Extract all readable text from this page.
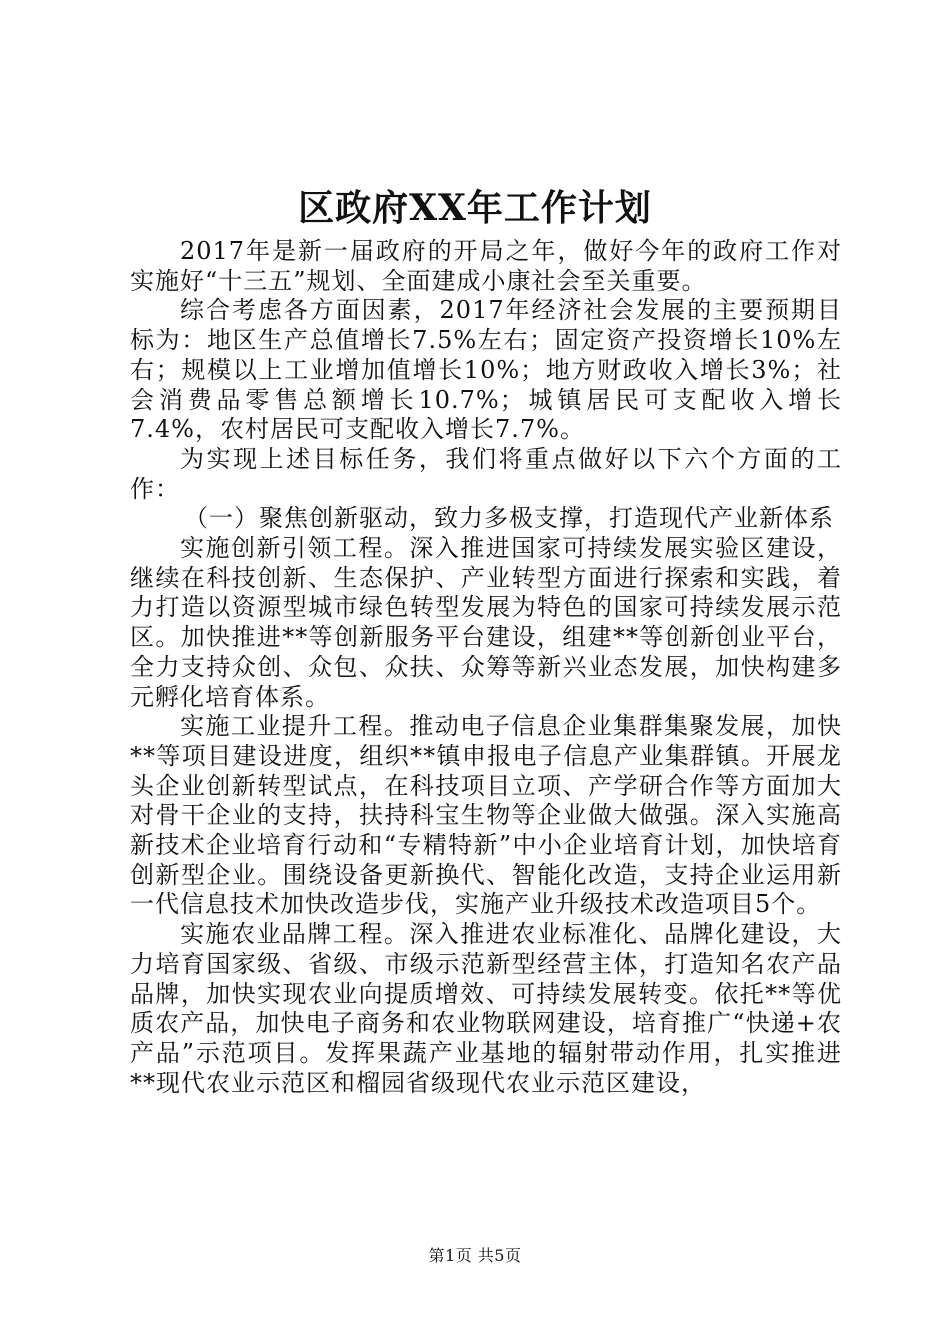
区政府XX年工作计划

2017年是新一届政府的开局之年，做好今年的政府工作对实施好“十三五”规划、全面建成小康社会至关重要。

综合考虑各方面因素，2017年经济社会发展的主要预期目标为：地区生产总值增长7.5%左右；固定资产投资增长10%左右；规模以上工业增加值增长10%；地方财政收入增长3%；社会消费品零售总额增长10.7%；城镇居民可支配收入增长7.4%，农村居民可支配收入增长7.7%。

为实现上述目标任务，我们将重点做好以下六个方面的工作：

（一）聚焦创新驱动，致力多极支撑，打造现代产业新体系

实施创新引领工程。深入推进国家可持续发展实验区建设，继续在科技创新、生态保护、产业转型方面进行探索和实践，着力打造以资源型城市绿色转型发展为特色的国家可持续发展示范区。加快推进**等创新服务平台建设，组建**等创新创业平台，全力支持众创、众包、众扶、众筹等新兴业态发展，加快构建多元孵化培育体系。

实施工业提升工程。推动电子信息企业集群集聚发展，加快**等项目建设进度，组织**镇申报电子信息产业集群镇。开展龙头企业创新转型试点，在科技项目立项、产学研合作等方面加大对骨干企业的支持，扶持科宝生物等企业做大做强。深入实施高新技术企业培育行动和“专精特新”中小企业培育计划，加快培育创新型企业。围绕设备更新换代、智能化改造，支持企业运用新一代信息技术加快改造步伐，实施产业升级技术改造项目5个。

实施农业品牌工程。深入推进农业标准化、品牌化建设，大力培育国家级、省级、市级示范新型经营主体，打造知名农产品品牌，加快实现农业向提质增效、可持续发展转变。依托**等优质农产品，加快电子商务和农业物联网建设，培育推广“快递+农产品”示范项目。发挥果蔬产业基地的辐射带动作用，扎实推进**现代农业示范区和榴园省级现代农业示范区建设，

第1页 共5页
